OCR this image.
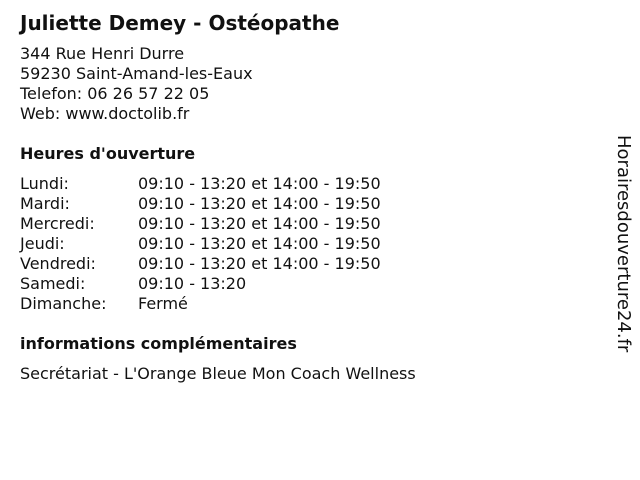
Juliette Demey - Ostéopathe
344 Rue Henri Durre
59230 Saint-Amand-les-Eaux
Telefon: 06 26 57 22 05
Web: www.doctolib.fr
Heures d'ouverture
Lundi:	09:10 - 13:20 et 14:00 - 19:50
Mardi:	09:10 - 13:20 et 14:00 - 19:50
Mercredi:	09:10 - 13:20 et 14:00 - 19:50
Jeudi:	09:10 - 13:20 et 14:00 - 19:50
Vendredi:	09:10 - 13:20 et 14:00 - 19:50
Samedi:	09:10 - 13:20
Dimanche:	Fermé
informations complémentaires
Secrétariat - L'Orange Bleue Mon Coach Wellness
Horairesdouverture24.fr
